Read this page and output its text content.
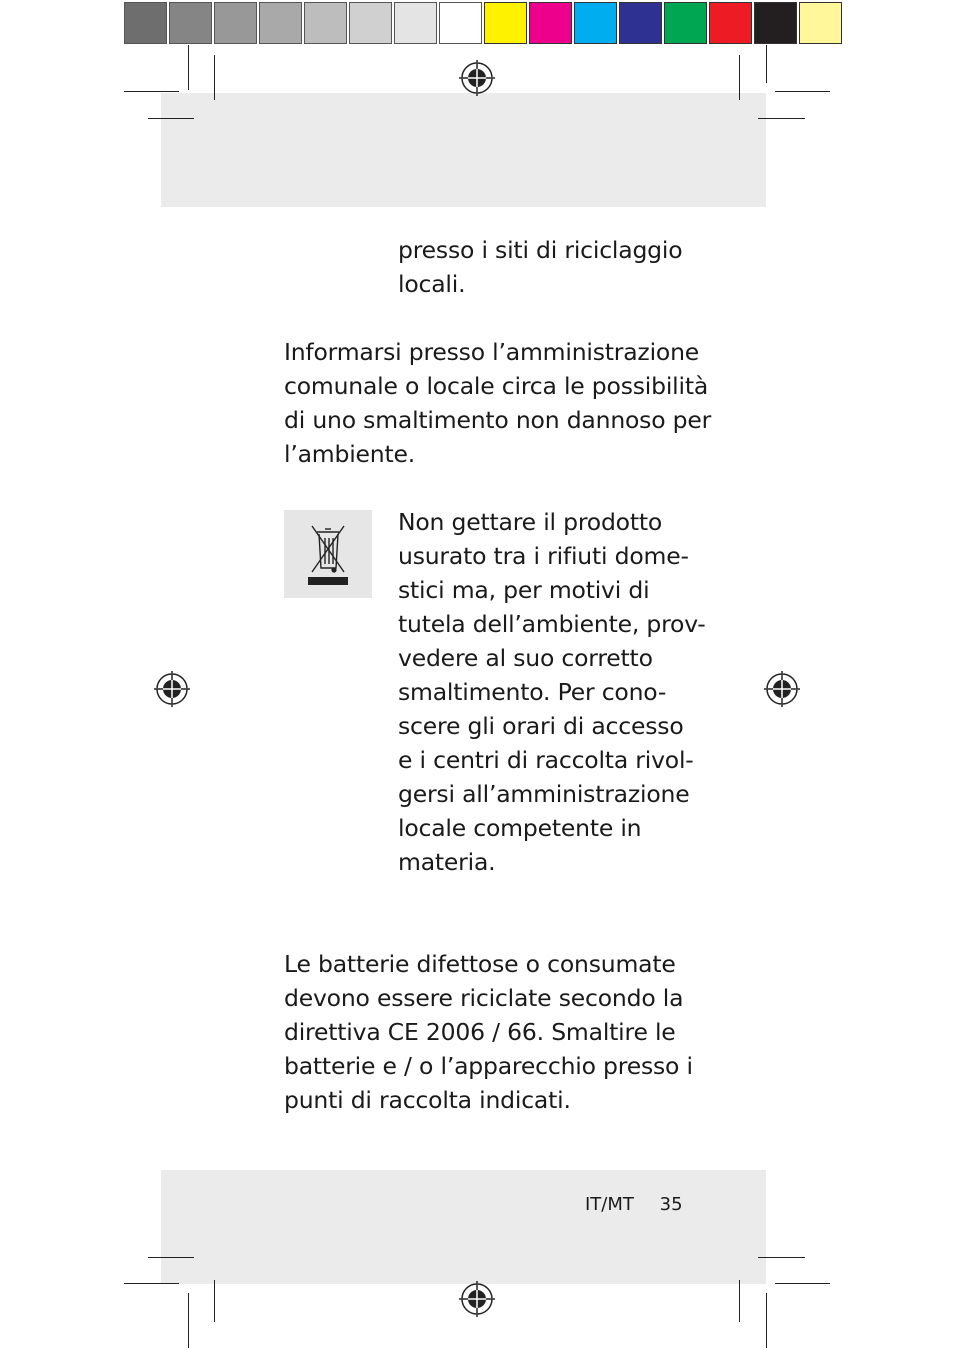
presso i siti di riciclaggio
locali.
Informarsi presso l’amministrazione
comunale o locale circa le possibilità
di uno smaltimento non dannoso per
l’ambiente.
Non gettare il prodotto
usurato tra i rifiuti dome-
stici ma, per motivi di
tutela dell’ambiente, prov-
vedere al suo corretto
smaltimento. Per cono-
scere gli orari di accesso
e i centri di raccolta rivol-
gersi all’amministrazione
locale competente in
materia.
Le batterie difettose o consumate
devono essere riciclate secondo la
direttiva CE 2006 / 66. Smaltire le
batterie e / o l’apparecchio presso i
punti di raccolta indicati.
IT/MT 35
